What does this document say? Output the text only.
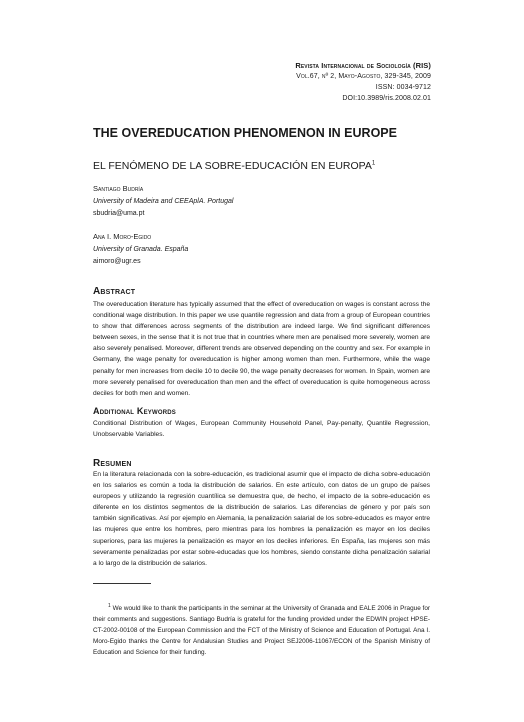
Revista Internacional de Sociología (RIS)
Vol.67, nº 2, Mayo-Agosto, 329-345, 2009
ISSN: 0034-9712
DOI:10.3989/ris.2008.02.01
THE OVEREDUCATION PHENOMENON IN EUROPE
EL FENÓMENO DE LA SOBRE-EDUCACIÓN EN EUROPA$^1$
Santiago Budría
University of Madeira and CEEAplA. Portugal
sbudria@uma.pt
Ana I. Moro-Egido
University of Granada. España
aimoro@ugr.es
Abstract
The overeducation literature has typically assumed that the effect of overeducation on wages is constant across the conditional wage distribution. In this paper we use quantile regression and data from a group of European countries to show that differences across segments of the distribution are indeed large. We find significant differences between sexes, in the sense that it is not true that in countries where men are penalised more severely, women are also severely penalised. Moreover, different trends are observed depending on the country and sex. For example in Germany, the wage penalty for overeducation is higher among women than men. Furthermore, while the wage penalty for men increases from decile 10 to decile 90, the wage penalty decreases for women. In Spain, women are more severely penalised for overeducation than men and the effect of overeducation is quite homogeneous across deciles for both men and women.
Additional Keywords
Conditional Distribution of Wages, European Community Household Panel, Pay-penalty, Quantile Regression, Unobservable Variables.
Resumen
En la literatura relacionada con la sobre-educación, es tradicional asumir que el impacto de dicha sobre-educación en los salarios es común a toda la distribución de salarios. En este artículo, con datos de un grupo de países europeos y utilizando la regresión cuantílica se demuestra que, de hecho, el impacto de la sobre-educación es diferente en los distintos segmentos de la distribución de salarios. Las diferencias de género y por país son también significativas. Así por ejemplo en Alemania, la penalización salarial de los sobre-educados es mayor entre las mujeres que entre los hombres, pero mientras para los hombres la penalización es mayor en los deciles superiores, para las mujeres la penalización es mayor en los deciles inferiores. En España, las mujeres son más severamente penalizadas por estar sobre-educadas que los hombres, siendo constante dicha penalización salarial a lo largo de la distribución de salarios.
$^1$ We would like to thank the participants in the seminar at the University of Granada and EALE 2006 in Prague for their comments and suggestions. Santiago Budría is grateful for the funding provided under the EDWIN project HPSE-CT-2002-00108 of the European Commission and the FCT of the Ministry of Science and Education of Portugal. Ana I. Moro-Egido thanks the Centre for Andalusian Studies and Project SEJ2006-11067/ECON of the Spanish Ministry of Education and Science for their funding.
